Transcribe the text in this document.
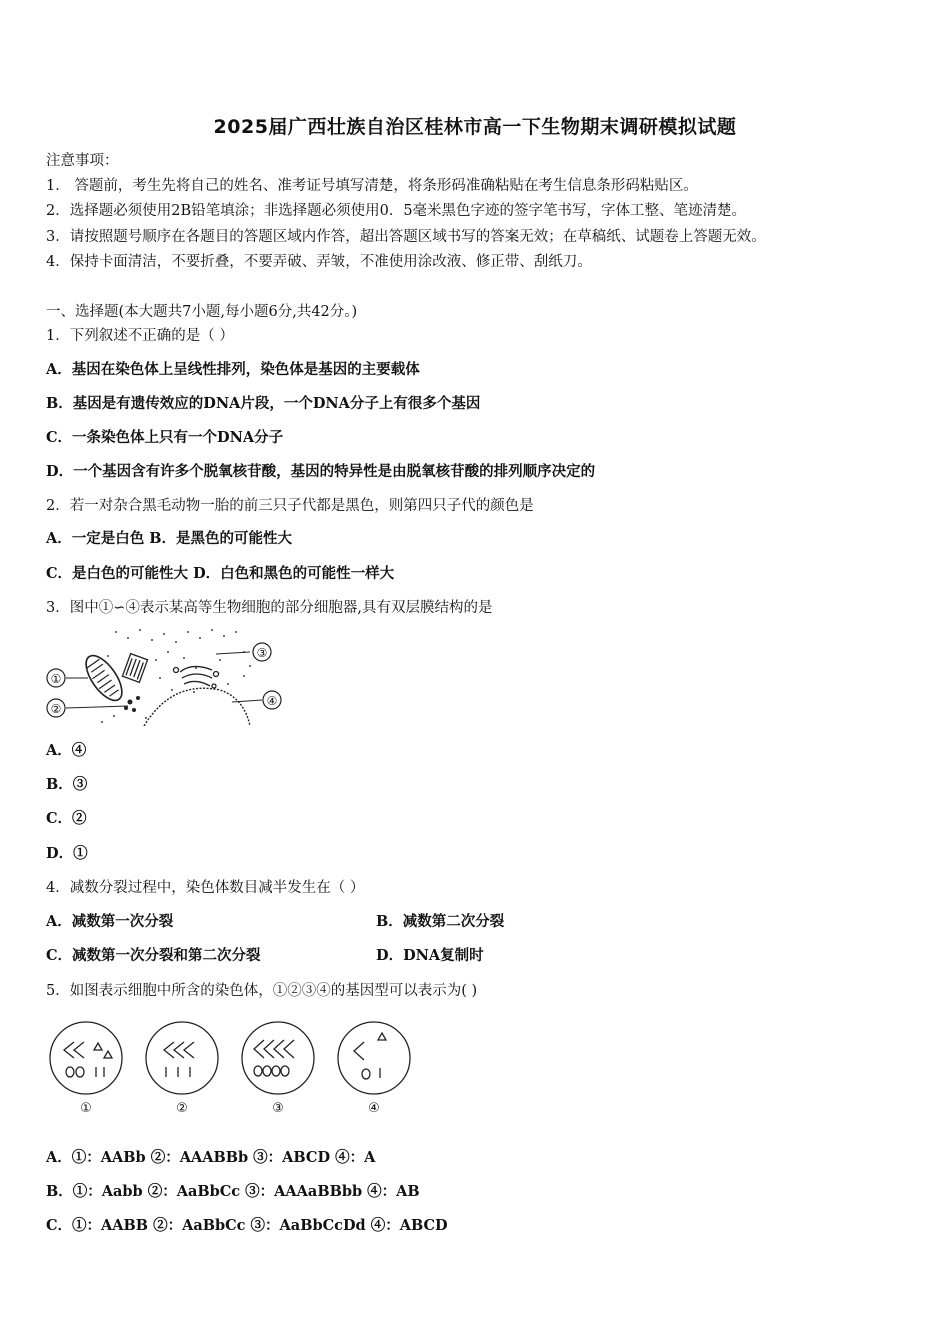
2025届广西壮族自治区桂林市高一下生物期末调研模拟试题
注意事项：
1． 答题前，考生先将自己的姓名、准考证号填写清楚，将条形码准确粘贴在考生信息条形码粘贴区。
2．选择题必须使用2B铅笔填涂；非选择题必须使用0．5毫米黑色字迹的签字笔书写，字体工整、笔迹清楚。
3．请按照题号顺序在各题目的答题区域内作答，超出答题区域书写的答案无效；在草稿纸、试题卷上答题无效。
4．保持卡面清洁，不要折叠，不要弄破、弄皱，不准使用涂改液、修正带、刮纸刀。
一、选择题(本大题共7小题,每小题6分,共42分。)
1．下列叙述不正确的是（ ）
A．基因在染色体上呈线性排列，染色体是基因的主要载体
B．基因是有遗传效应的DNA片段，一个DNA分子上有很多个基因
C．一条染色体上只有一个DNA分子
D．一个基因含有许多个脱氧核苷酸，基因的特异性是由脱氧核苷酸的排列顺序决定的
2．若一对杂合黑毛动物一胎的前三只子代都是黑色，则第四只子代的颜色是
A．一定是白色 B．是黑色的可能性大
C．是白色的可能性大 D．白色和黑色的可能性一样大
3．图中①∽④表示某高等生物细胞的部分细胞器,具有双层膜结构的是
①
②
③
④
A．④
B．③
C．②
D．①
4．减数分裂过程中，染色体数目减半发生在（ ）
A．减数第一次分裂	B．减数第二次分裂
C．减数第一次分裂和第二次分裂	D．DNA复制时
5．如图表示细胞中所含的染色体，①②③④的基因型可以表示为( )
①	②	③	④
A．①：AABb ②：AAABBb ③：ABCD ④：A
B．①：Aabb ②：AaBbCc ③：AAAaBBbb ④：AB
C．①：AABB ②：AaBbCc ③：AaBbCcDd ④：ABCD
